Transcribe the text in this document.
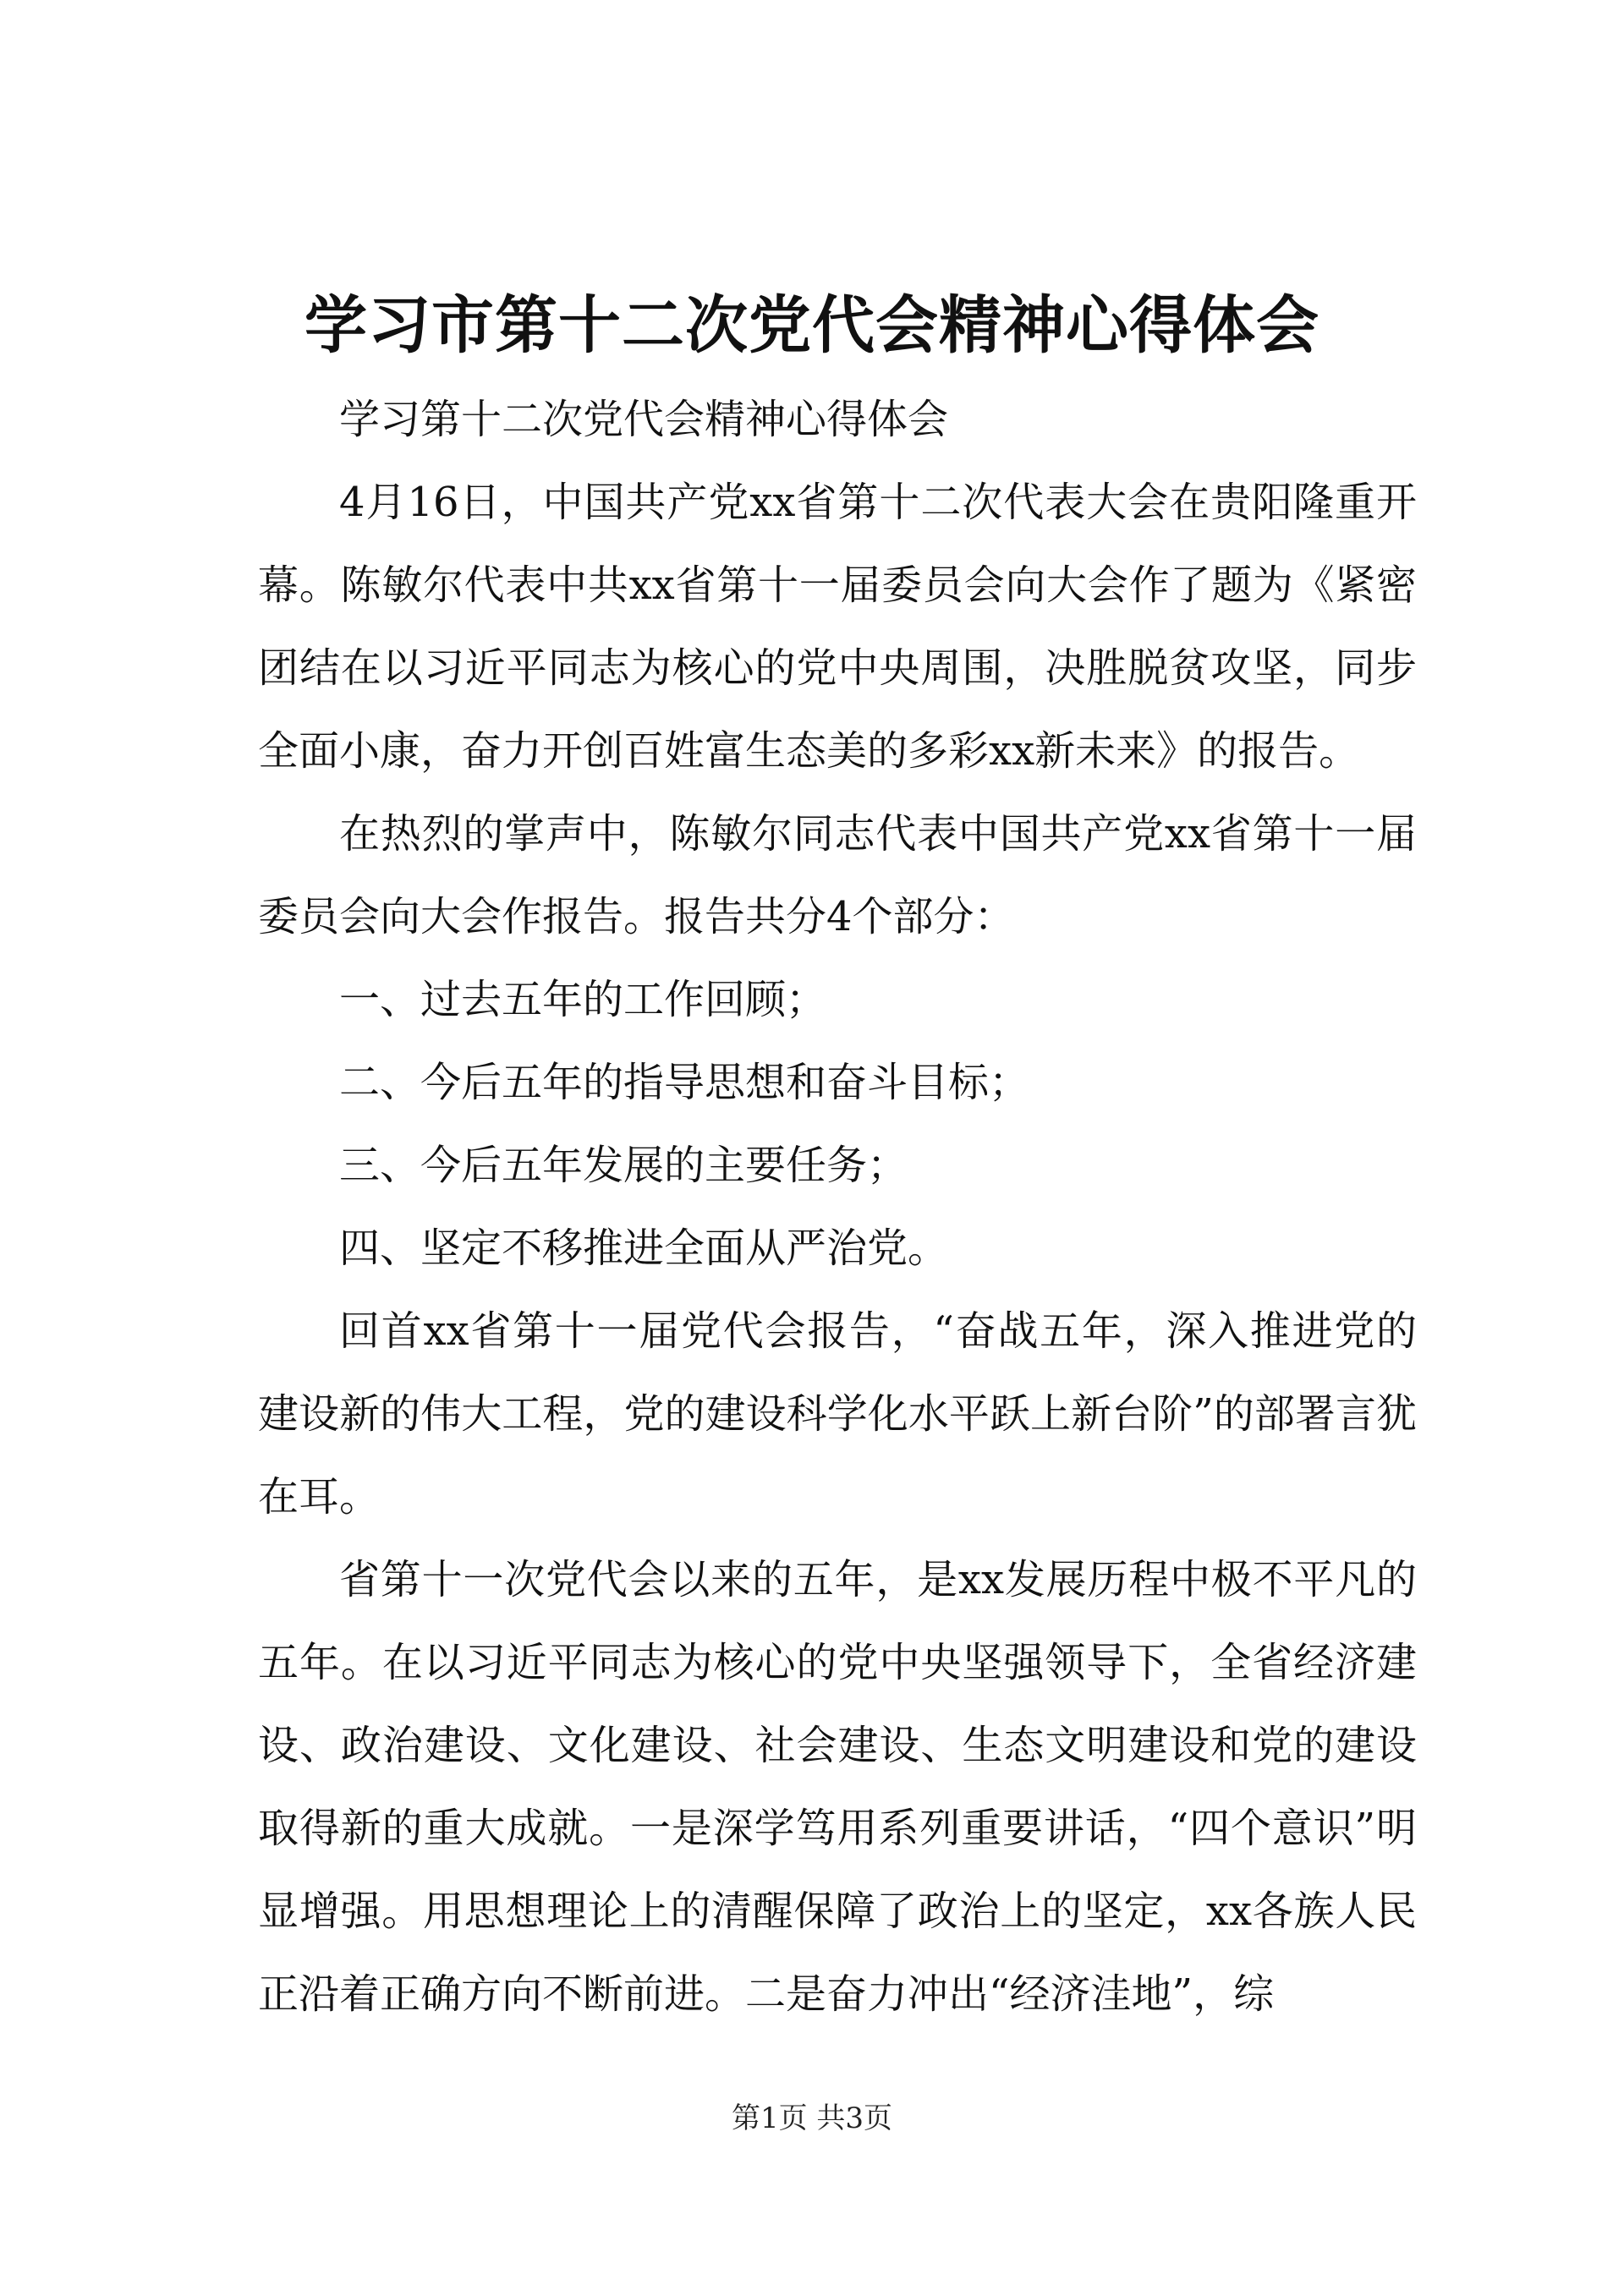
学习市第十二次党代会精神心得体会

学习第十二次党代会精神心得体会

4月16日，中国共产党xx省第十二次代表大会在贵阳隆重开幕。陈敏尔代表中共xx省第十一届委员会向大会作了题为《紧密团结在以习近平同志为核心的党中央周围，决胜脱贫攻坚，同步全面小康，奋力开创百姓富生态美的多彩xx新未来》的报告。

在热烈的掌声中，陈敏尔同志代表中国共产党xx省第十一届委员会向大会作报告。报告共分4个部分：

一、过去五年的工作回顾；

二、今后五年的指导思想和奋斗目标；

三、今后五年发展的主要任务；

四、坚定不移推进全面从严治党。

回首xx省第十一届党代会报告，“奋战五年，深入推进党的建设新的伟大工程，党的建设科学化水平跃上新台阶”的部署言犹在耳。

省第十一次党代会以来的五年，是xx发展历程中极不平凡的五年。在以习近平同志为核心的党中央坚强领导下，全省经济建设、政治建设、文化建设、社会建设、生态文明建设和党的建设取得新的重大成就。一是深学笃用系列重要讲话，“四个意识”明显增强。用思想理论上的清醒保障了政治上的坚定，xx各族人民正沿着正确方向不断前进。二是奋力冲出“经济洼地”，综

第1页 共3页
